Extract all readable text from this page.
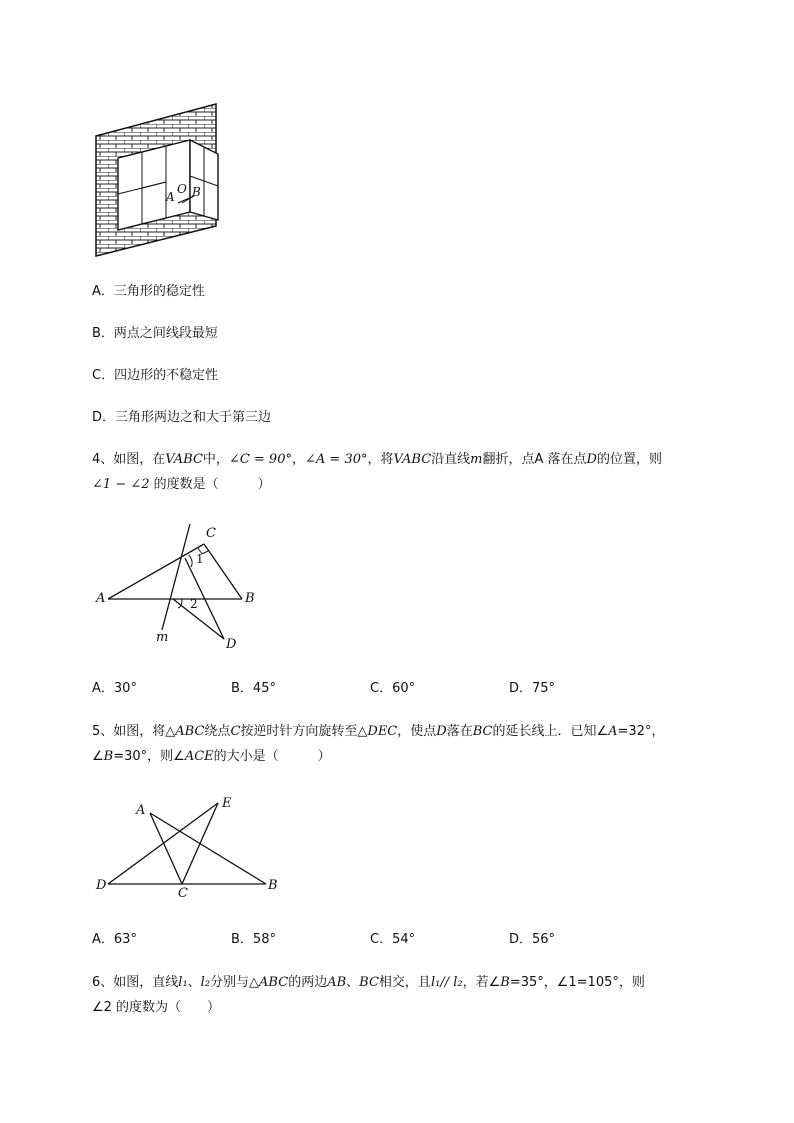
A
O B
A．三角形的稳定性
B．两点之间线段最短
C．四边形的不稳定性
D．三角形两边之和大于第三边
4、如图，在VABC中，∠C = 90°，∠A = 30°，将VABC沿直线m翻折，点A 落在点D的位置，则
∠1 − ∠2 的度数是（　　　）
C
1
A	B
2
m	D
A．30°	B．45°	C．60°	D．75°
5、如图，将△ABC绕点C按逆时针方向旋转至△DEC，使点D落在BC的延长线上．已知∠A=32°，
∠B=30°，则∠ACE的大小是（　　　）
A	E
D
C
B
A．63°	B．58°	C．54°	D．56°
6、如图，直线l₁、l₂分别与△ABC的两边AB、BC相交，且l₁// l₂，若∠B=35°，∠1=105°，则
∠2 的度数为（　　）
